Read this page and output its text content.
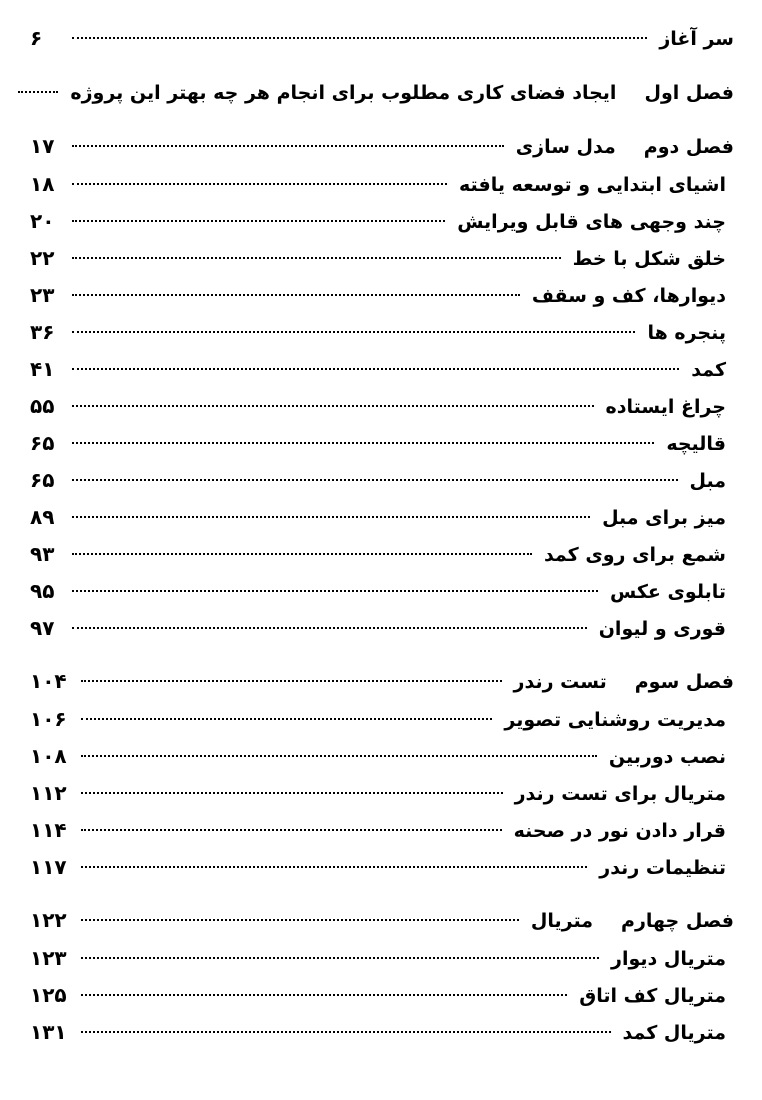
سر آغاز
۶
فصل اول
ایجاد فضای کاری مطلوب برای انجام هر چه بهتر این پروژه
فصل دوم
مدل سازی
۱۷
اشیای ابتدایی و توسعه یافته
۱۸
چند وجهی های قابل ویرایش
۲۰
خلق شکل با خط
۲۲
دیوارها، کف و سقف
۲۳
پنجره ها
۳۶
کمد
۴۱
چراغ ایستاده
۵۵
قالیچه
۶۵
مبل
۶۵
میز برای مبل
۸۹
شمع برای روی کمد
۹۳
تابلوی عکس
۹۵
قوری و لیوان
۹۷
فصل سوم
تست رندر
۱۰۴
مدیریت روشنایی تصویر
۱۰۶
نصب دوربین
۱۰۸
متریال برای تست رندر
۱۱۲
قرار دادن نور در صحنه
۱۱۴
تنظیمات رندر
۱۱۷
فصل چهارم
متریال
۱۲۲
متریال دیوار
۱۲۳
متریال کف اتاق
۱۲۵
متریال کمد
۱۳۱
